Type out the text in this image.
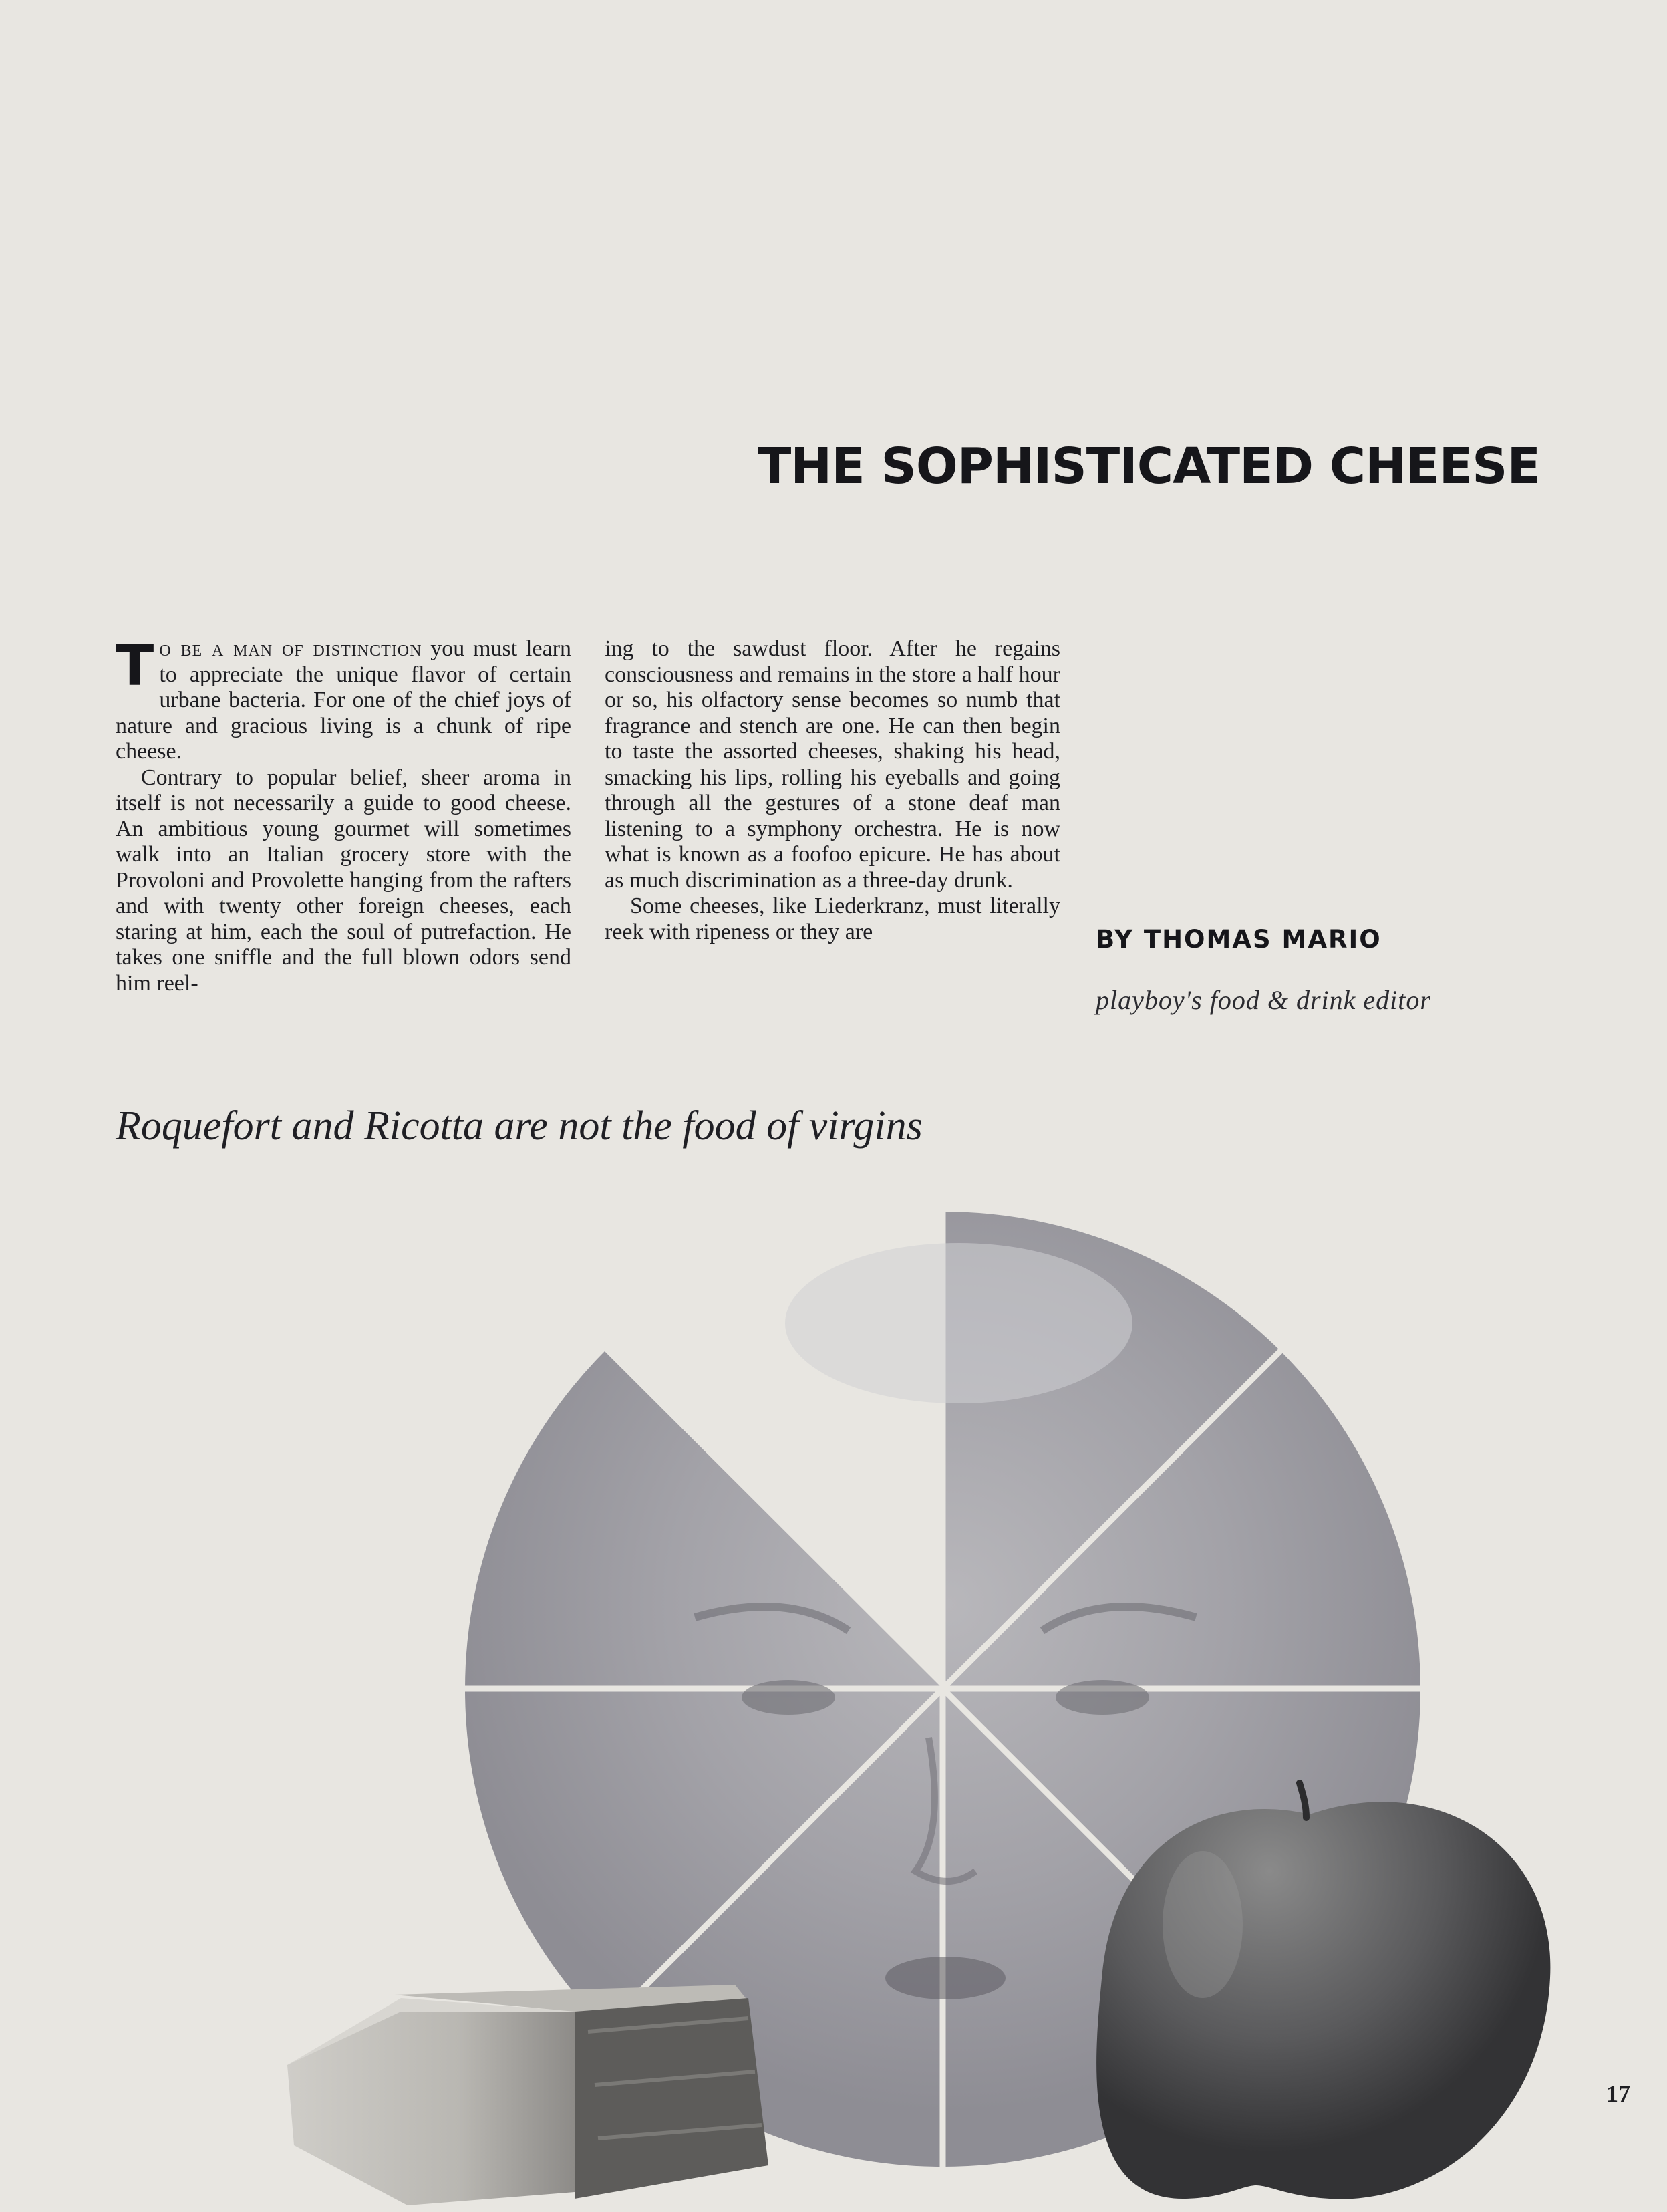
THE SOPHISTICATED CHEESE

To be a man of distinction you must learn to appreciate the unique flavor of certain urbane bacteria. For one of the chief joys of nature and gracious living is a chunk of ripe cheese.

Contrary to popular belief, sheer aroma in itself is not necessarily a guide to good cheese. An ambitious young gourmet will sometimes walk into an Italian grocery store with the Provoloni and Provolette hanging from the rafters and with twenty other foreign cheeses, each staring at him, each the soul of putrefaction. He takes one sniffle and the full blown odors send him reel-

ing to the sawdust floor. After he regains consciousness and remains in the store a half hour or so, his olfactory sense becomes so numb that fragrance and stench are one. He can then begin to taste the assorted cheeses, shaking his head, smacking his lips, rolling his eyeballs and going through all the gestures of a stone deaf man listening to a symphony orchestra. He is now what is known as a foofoo epicure. He has about as much discrimination as a three-day drunk.

Some cheeses, like Liederkranz, must literally reek with ripeness or they are	BY THOMAS MARIO
playboy's food & drink editor
Roquefort and Ricotta are not the food of virgins
17
